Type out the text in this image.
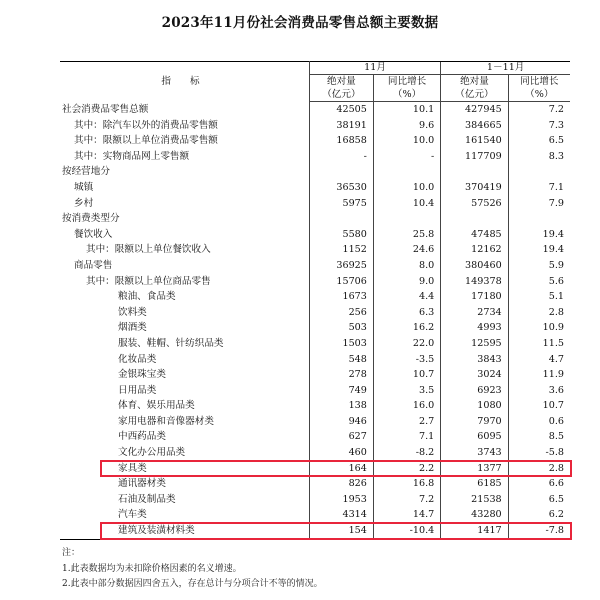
2023年11月份社会消费品零售总额主要数据
指 标	11月		1－11月	
	绝对量	同比增长	绝对量	同比增长
	（亿元）	（%）	（亿元）	（%）
社会消费品零售总额	42505	10.1	427945	7.2
其中：除汽车以外的消费品零售额	38191	9.6	384665	7.3
其中：限额以上单位消费品零售额	16858	10.0	161540	6.5
其中：实物商品网上零售额	-	-	117709	8.3
按经营地分				
城镇	36530	10.0	370419	7.1
乡村	5975	10.4	57526	7.9
按消费类型分				
餐饮收入	5580	25.8	47485	19.4
其中：限额以上单位餐饮收入	1152	24.6	12162	19.4
商品零售	36925	8.0	380460	5.9
其中：限额以上单位商品零售	15706	9.0	149378	5.6
粮油、食品类	1673	4.4	17180	5.1
饮料类	256	6.3	2734	2.8
烟酒类	503	16.2	4993	10.9
服装、鞋帽、针纺织品类	1503	22.0	12595	11.5
化妆品类	548	-3.5	3843	4.7
金银珠宝类	278	10.7	3024	11.9
日用品类	749	3.5	6923	3.6
体育、娱乐用品类	138	16.0	1080	10.7
家用电器和音像器材类	946	2.7	7970	0.6
中西药品类	627	7.1	6095	8.5
文化办公用品类	460	-8.2	3743	-5.8
家具类	164	2.2	1377	2.8
通讯器材类	826	16.8	6185	6.6
石油及制品类	1953	7.2	21538	6.5
汽车类	4314	14.7	43280	6.2
建筑及装潢材料类	154	-10.4	1417	-7.8
注：
1.此表数据均为未扣除价格因素的名义增速。
2.此表中部分数据因四舍五入，存在总计与分项合计不等的情况。
